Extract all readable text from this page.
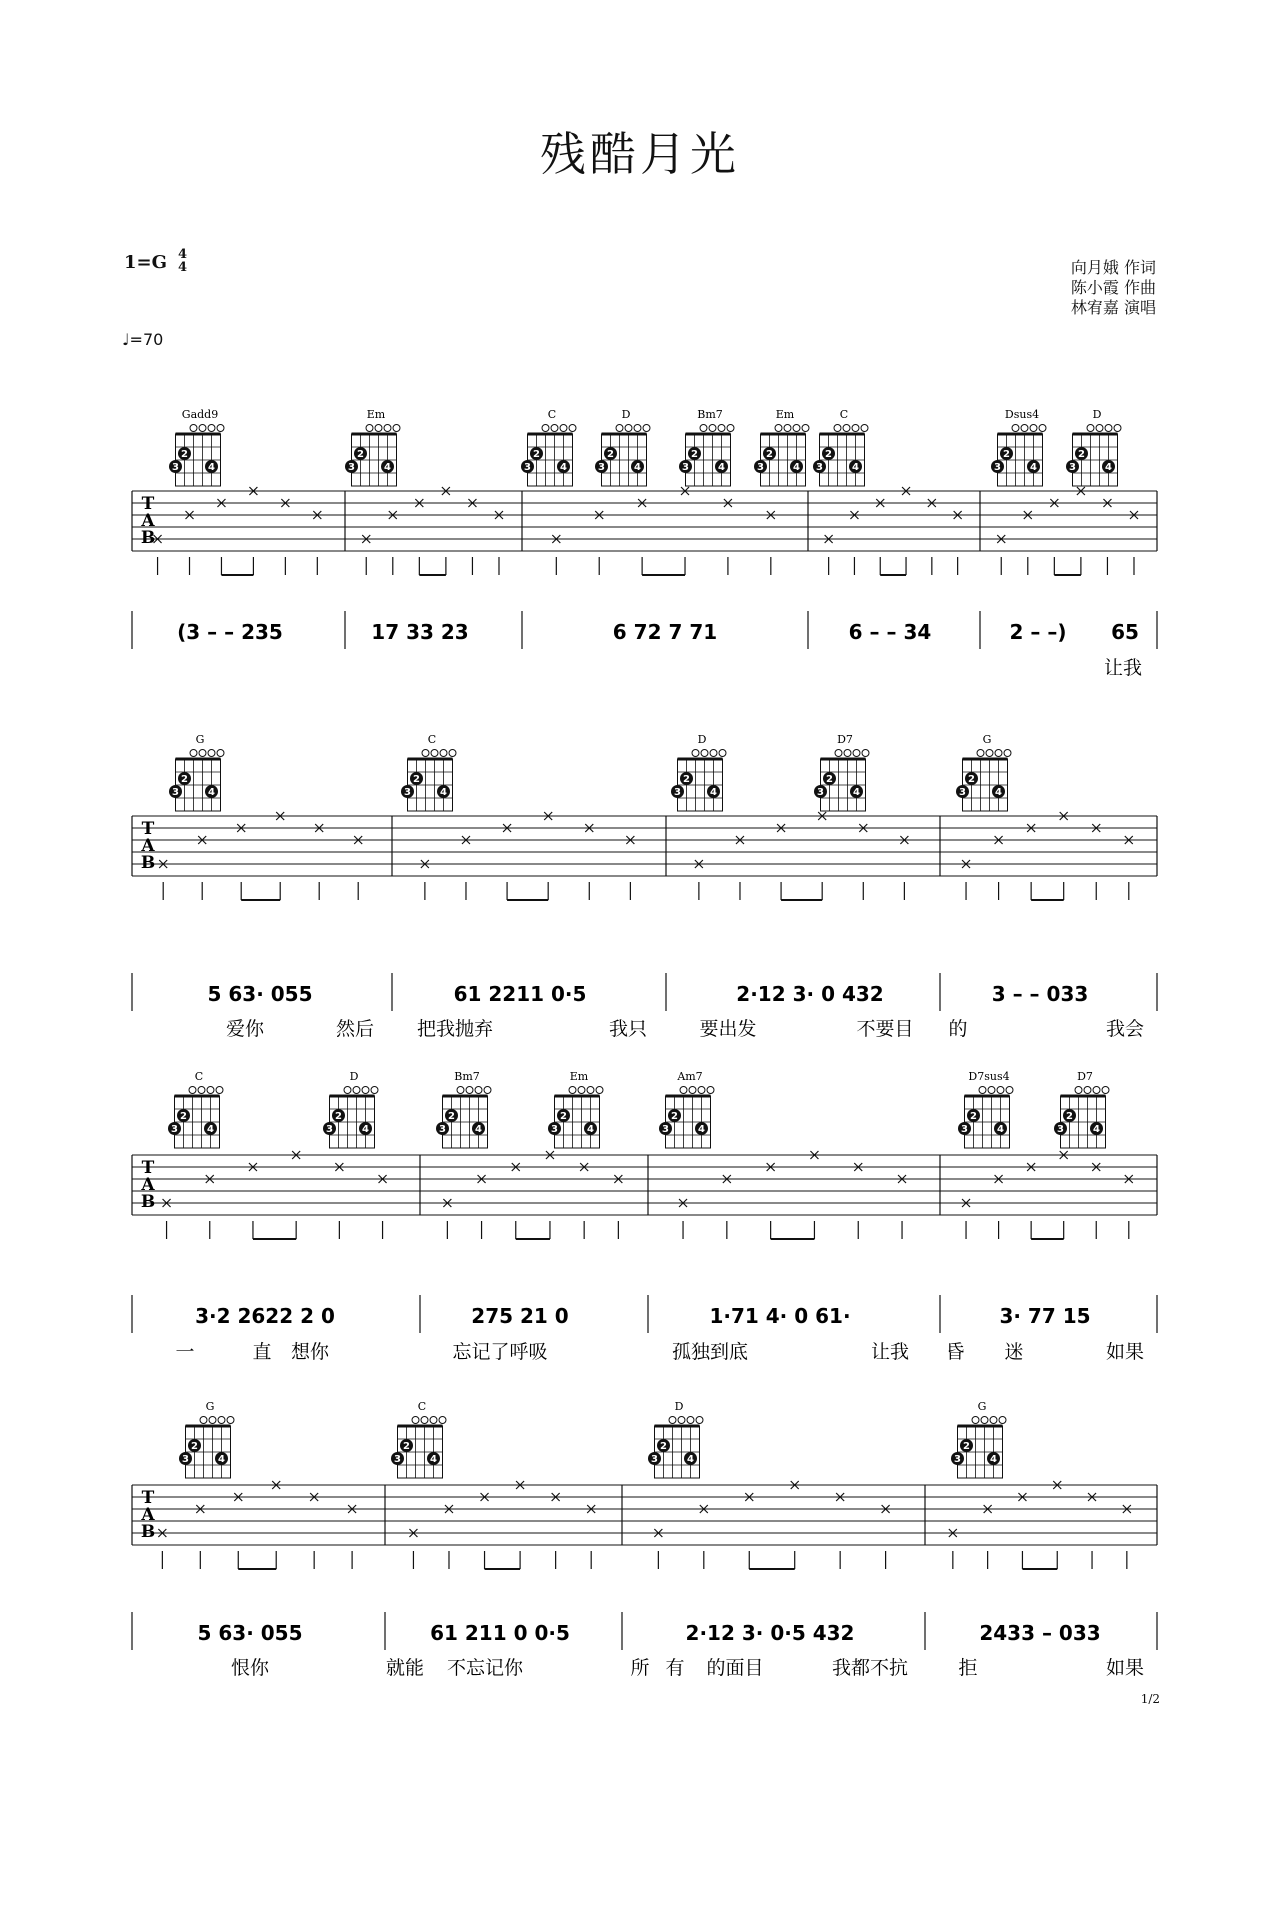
残酷月光
1=G 4
4
♩=70
向月娥 作词
陈小霞 作曲
林宥嘉 演唱
1/2
Gadd9
3
2
4
Em
3
2
4
C
3
2
4
D
3
2
4
Bm7
3
2
4
Em
3
2
4
C
3
2
4
Dsus4
3
2
4
D
3
2
4
T
A
B
(3 – – 235	17 33 23	6 72 7 71	6 – – 34	2 – –) 65
让我
G
3
2
4
C
3
2
4
D
3
2
4
D7
3
2
4
G
3
2
4
T
A
B
5 63· 055	61 2211 0·5	2·12 3· 0 432	3 – – 033
爱你	然后 把我抛弃	我只	要出发	不要目 的	我会
C
3
2
4
D
3
2
4
Bm7
3
2
4
Em
3
2
4
Am7
3
2
4
D7sus4
3
2
4
D7
3
2
4
T
A
B
3·2 2622 2 0	275 21 0	1·71 4· 0 61·	3· 77 15
一	直 想你	忘记了呼吸	孤独到底	让我 昏 迷	如果
G
3
2
4
C
3
2
4
D
3
2
4
G
3
2
4
T
A
B
5 63· 055	61 211 0 0·5	2·12 3· 0·5 432	2433 – 033
恨你	就能 不忘记你	所 有 的面目	我都不抗	拒	如果
